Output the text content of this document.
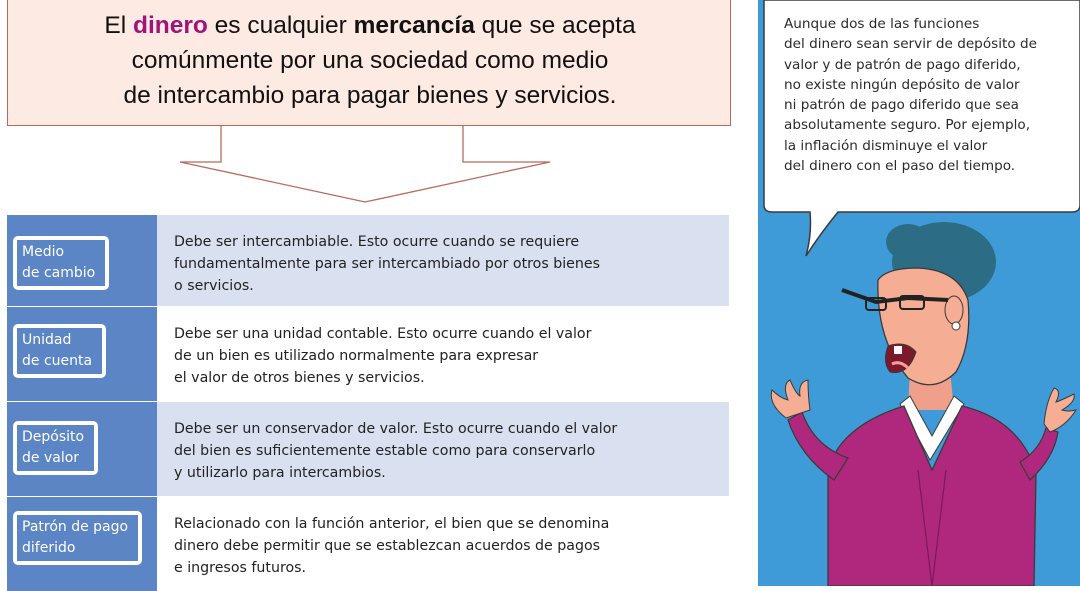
El dinero es cualquier mercancía que se acepta
comúnmente por una sociedad como medio
de intercambio para pagar bienes y servicios.
Medio
de cambio	Debe ser intercambiable. Esto ocurre cuando se requiere
fundamentalmente para ser intercambiado por otros bienes
o servicios.

Unidad
de cuenta	Debe ser una unidad contable. Esto ocurre cuando el valor
de un bien es utilizado normalmente para expresar
el valor de otros bienes y servicios.

Depósito
de valor	Debe ser un conservador de valor. Esto ocurre cuando el valor
del bien es suficientemente estable como para conservarlo
y utilizarlo para intercambios.

Patrón de pago
diferido	Relacionado con la función anterior, el bien que se denomina
dinero debe permitir que se establezcan acuerdos de pagos
e ingresos futuros.
Aunque dos de las funciones
del dinero sean servir de depósito de
valor y de patrón de pago diferido,
no existe ningún depósito de valor
ni patrón de pago diferido que sea
absolutamente seguro. Por ejemplo,
la inflación disminuye el valor
del dinero con el paso del tiempo.
